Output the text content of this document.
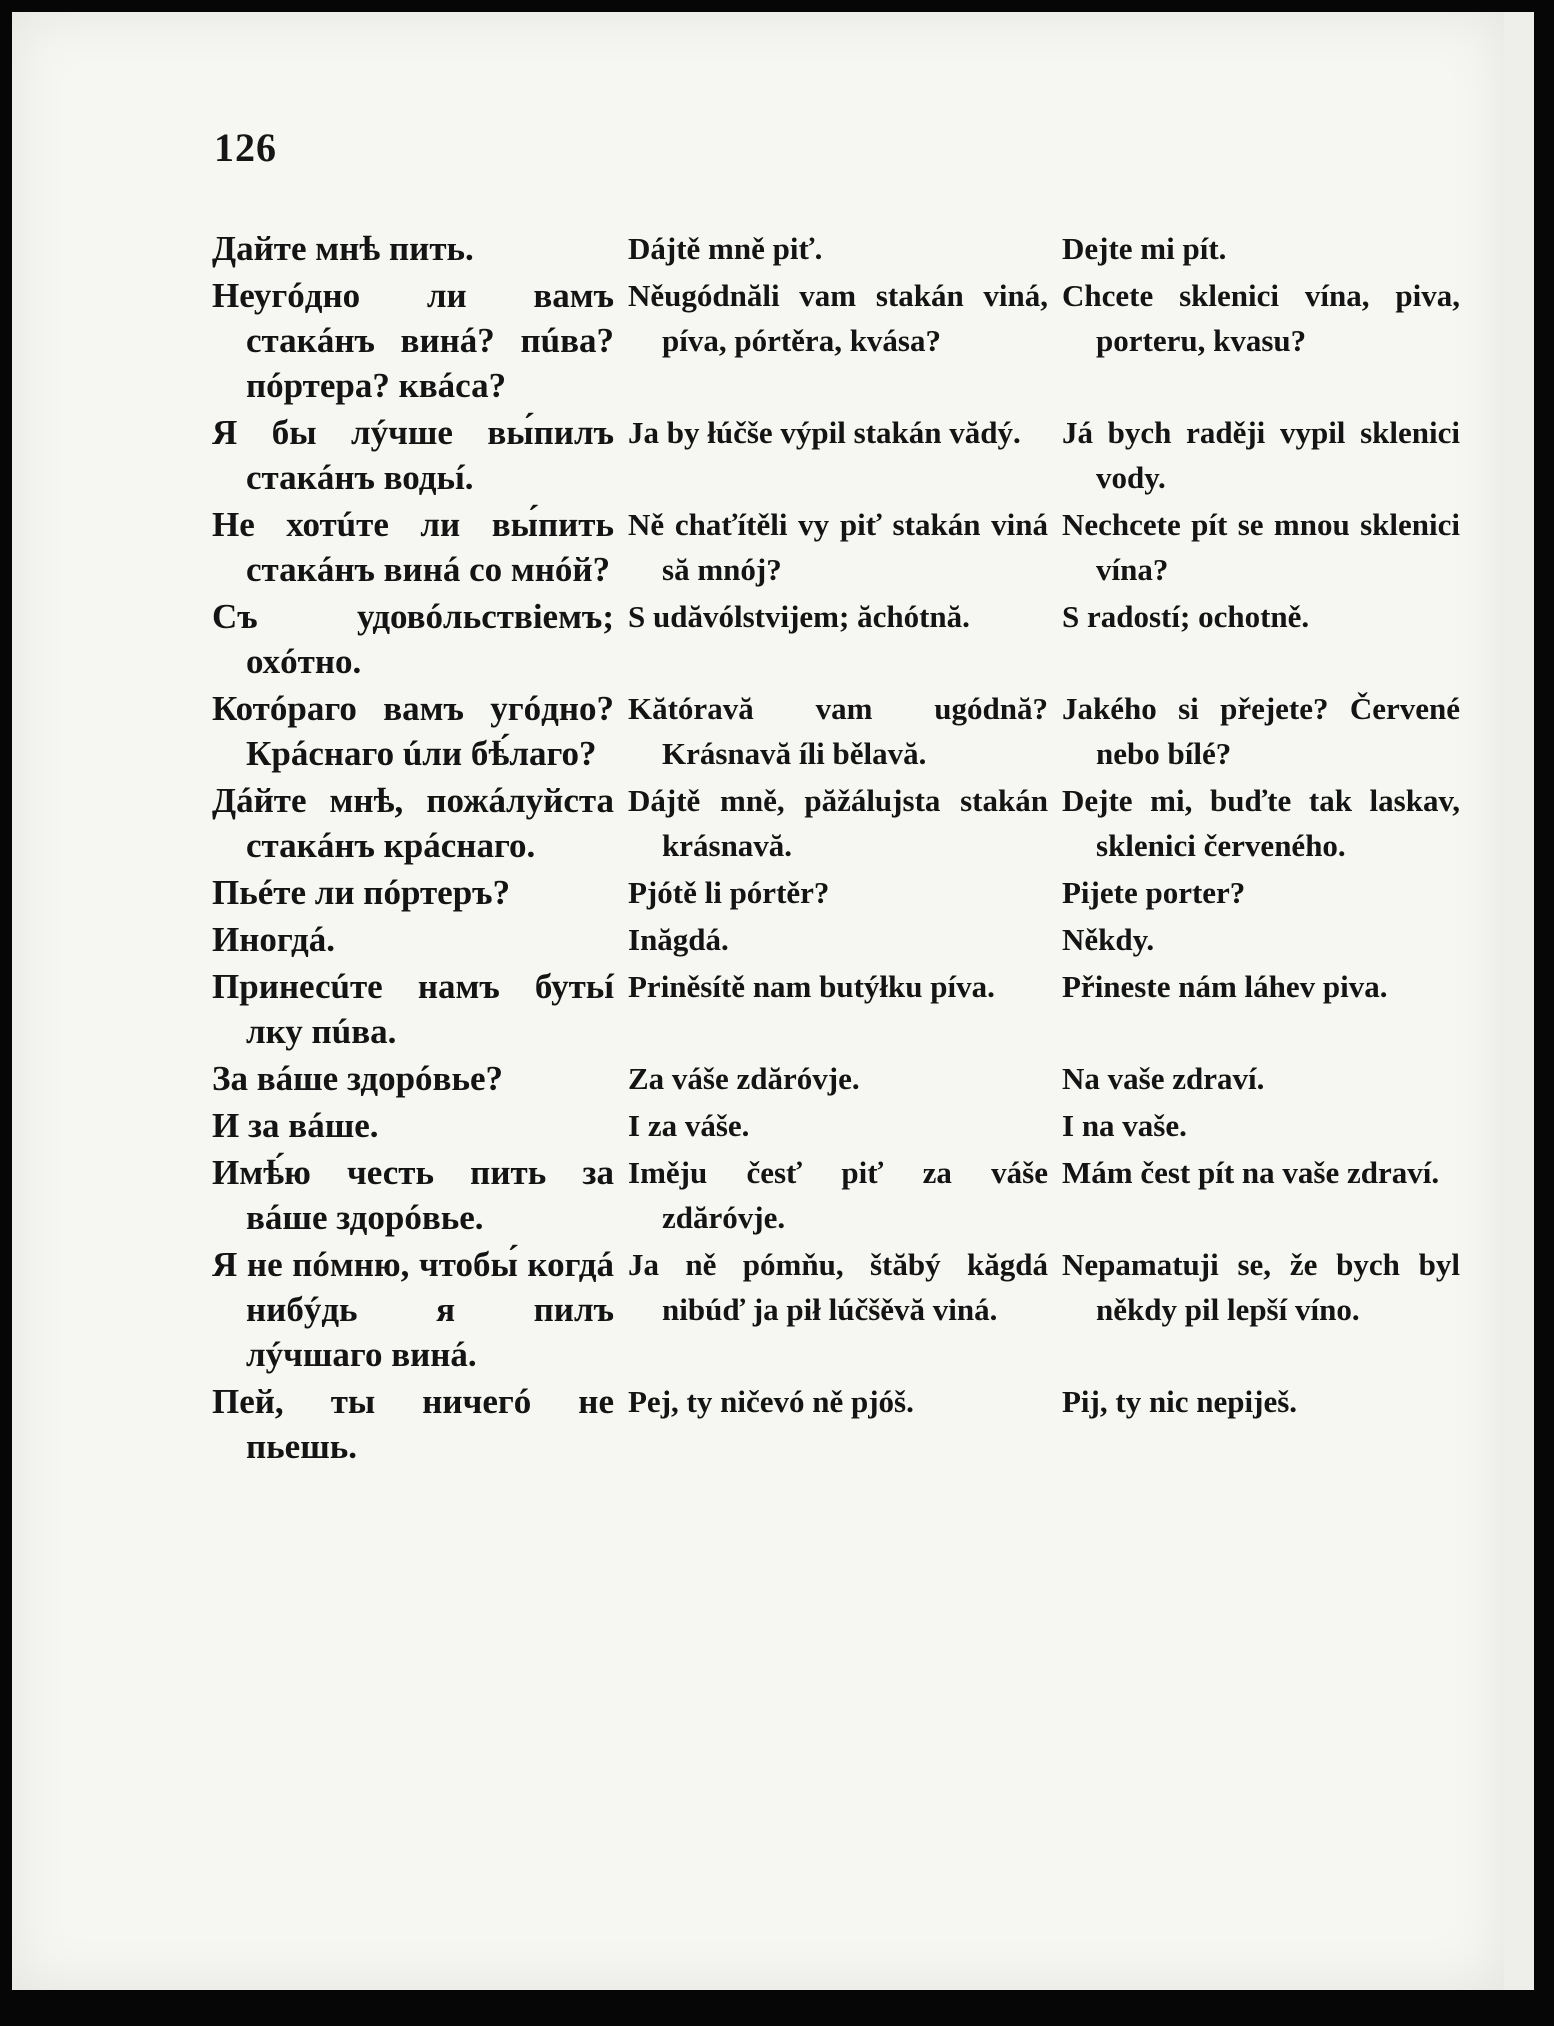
126
Дайте мнѣ пить.	Dájtě mně piť.	Dejte mi pít.

Неугóдно ли вамъ стакáнъ винá? пúва? пóртера? квáса?	Něugódnăli vam stakán viná, píva, pórtěra, kvása?	Chcete sklenici vína, piva, porteru, kvasu?

Я бы лýчше вы́пилъ стакáнъ водьí.	Ja by łúčše výpil stakán vădý.	Já bych raději vypil sklenici vody.

Не хотúте ли вы́пить стакáнъ винá со мнóй?	Ně chaťítěli vy piť stakán viná să mnój?	Nechcete pít se mnou sklenici vína?

Съ удовóльствіемъ; охóтно.	S udăvólstvijem; ăchótnă.	S radostí; ochotně.

Котóраго вамъ угóдно? Крáснаго úли бѣ́лаго?	Kătóravă vam ugódnă? Krásnavă íli bělavă.	Jakého si přejete? Červené nebo bílé?

Дáйте мнѣ, пожáлуйста стакáнъ крáснаго.	Dájtě mně, păžálujsta stakán krásnavă.	Dejte mi, buďte tak laskav, sklenici červeného.

Пьéте ли пóртеръ?	Pjótě li pórtěr?	Pijete porter?

Иногдá.	Inăgdá.	Někdy.

Принесúте намъ бутьí лку пúва.	Priněsítě nam butýłku píva.	Přineste nám láhev piva.

За вáше здорóвье?	Za váše zdăróvje.	Na vaše zdraví.

И за вáше.	I za váše.	I na vaše.

Имѣ́ю честь пить за вáше здорóвье.	Iměju česť piť za váše zdăróvje.	Mám čest pít na vaše zdraví.

Я не пóмню, чтобы́ когдá нибýдь я пилъ лýчшаго винá.	Ja ně pómňu, štăbý kăgdá nibúď ja pił lúčšěvă viná.	Nepamatuji se, že bych byl někdy pil lepší víno.

Пей, ты ничегó не пьешь.	Pej, ty ničevó ně pjóš.	Pij, ty nic nepiješ.
